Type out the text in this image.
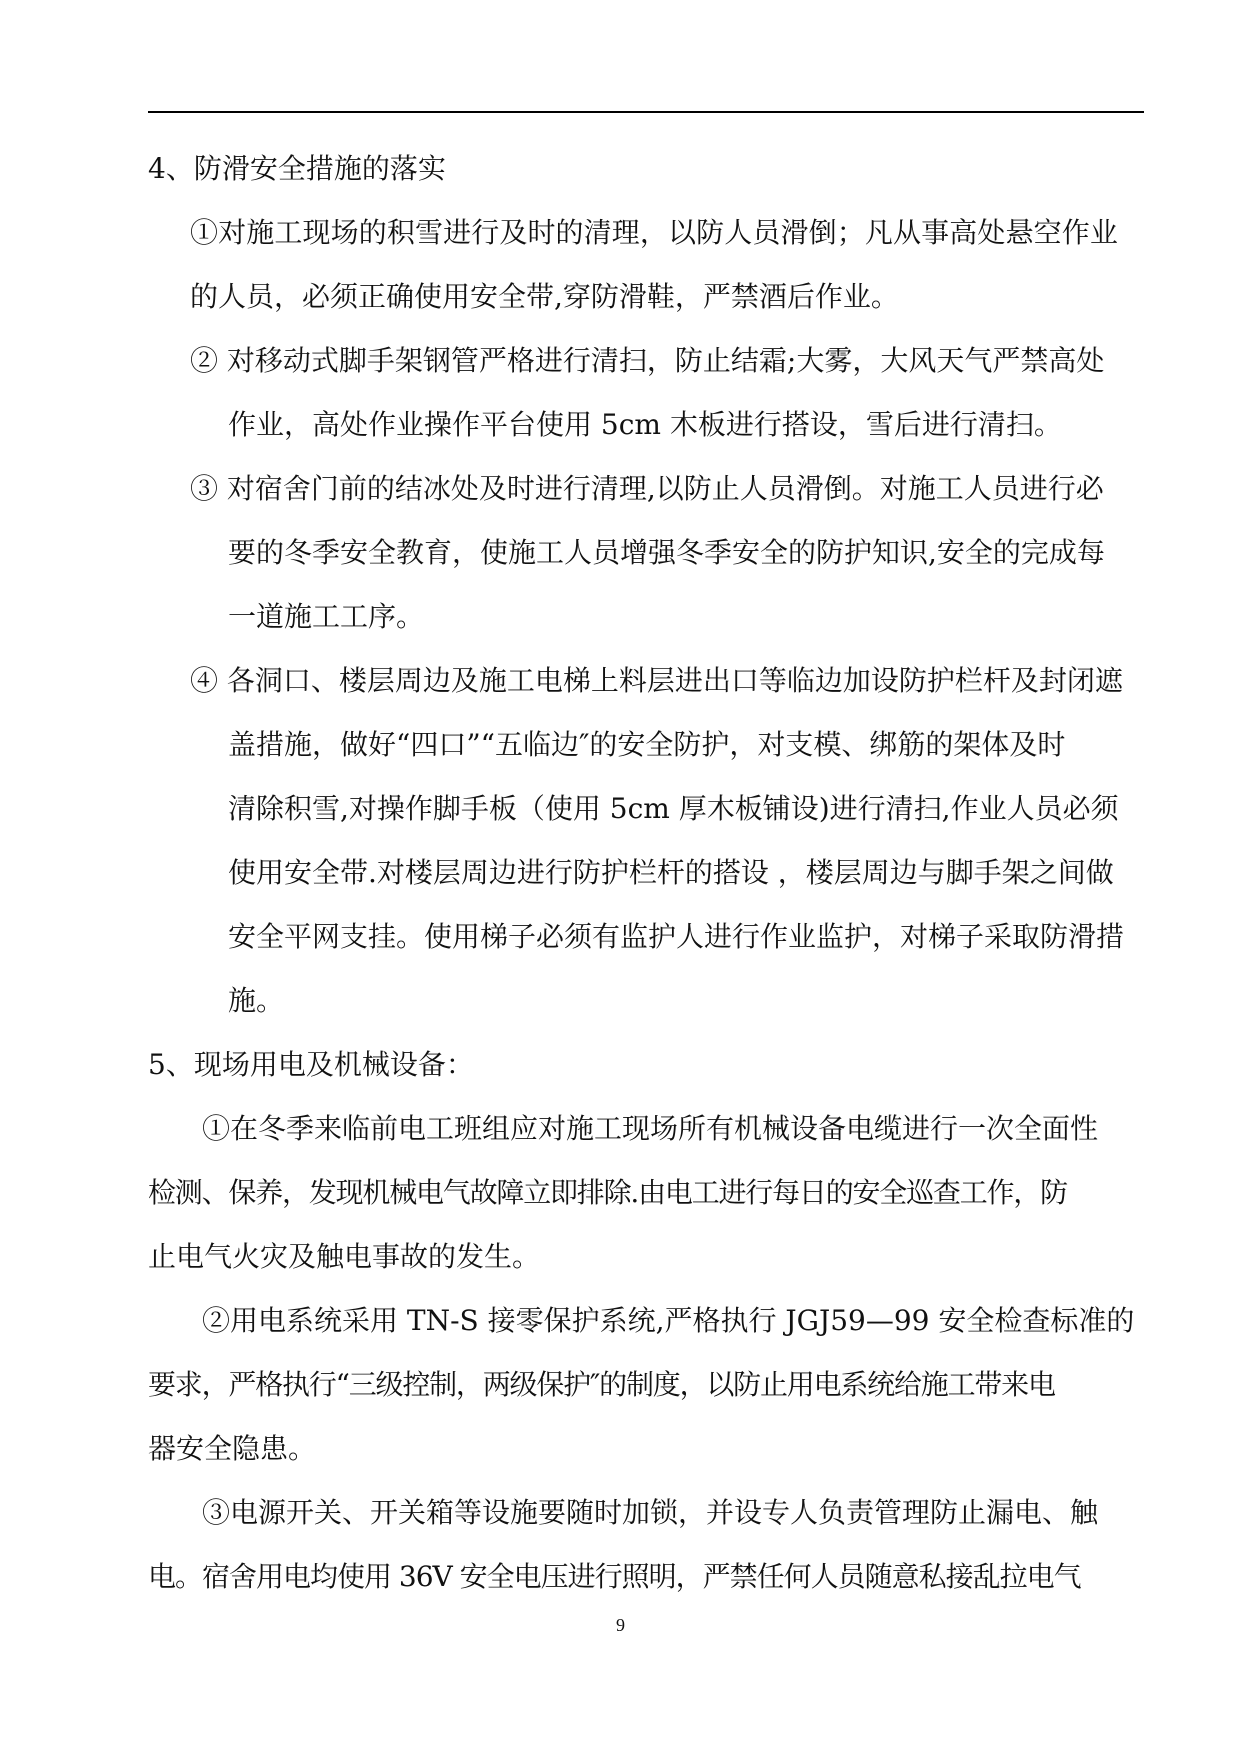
4、防滑安全措施的落实
①对施工现场的积雪进行及时的清理，以防人员滑倒；凡从事高处悬空作业
的人员，必须正确使用安全带,穿防滑鞋，严禁酒后作业。
② 对移动式脚手架钢管严格进行清扫，防止结霜;大雾，大风天气严禁高处
作业，高处作业操作平台使用 5cm 木板进行搭设，雪后进行清扫。
③ 对宿舍门前的结冰处及时进行清理,以防止人员滑倒。对施工人员进行必
要的冬季安全教育，使施工人员增强冬季安全的防护知识,安全的完成每
一道施工工序。
④ 各洞口、楼层周边及施工电梯上料层进出口等临边加设防护栏杆及封闭遮
盖措施，做好“四口”“五临边″的安全防护，对支模、绑筋的架体及时
清除积雪,对操作脚手板（使用 5cm 厚木板铺设)进行清扫,作业人员必须
使用安全带.对楼层周边进行防护栏杆的搭设 ，楼层周边与脚手架之间做
安全平网支挂。使用梯子必须有监护人进行作业监护，对梯子采取防滑措
施。
5、现场用电及机械设备：
①在冬季来临前电工班组应对施工现场所有机械设备电缆进行一次全面性
检测、保养，发现机械电气故障立即排除.由电工进行每日的安全巡查工作，防
止电气火灾及触电事故的发生。
②用电系统采用 TN-S 接零保护系统,严格执行 JGJ59—99 安全检查标准的
要求，严格执行“三级控制，两级保护″的制度，以防止用电系统给施工带来电
器安全隐患。
③电源开关、开关箱等设施要随时加锁，并设专人负责管理防止漏电、触
电。宿舍用电均使用 36V 安全电压进行照明，严禁任何人员随意私接乱拉电气
9
